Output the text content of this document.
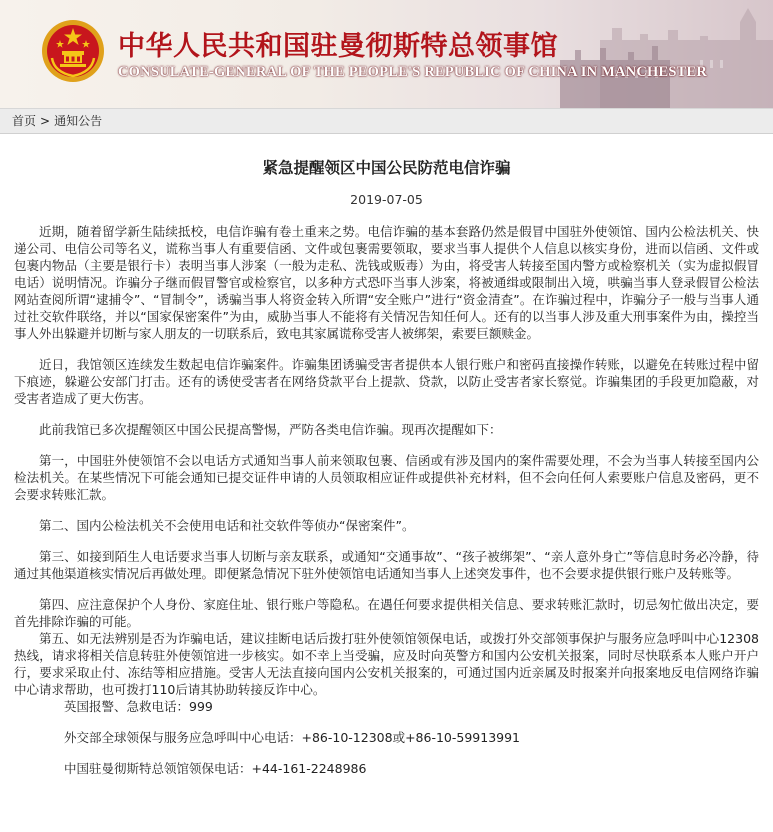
中华人民共和国驻曼彻斯特总领事馆

CONSULATE-GENERAL OF THE PEOPLE'S REPUBLIC OF CHINA IN MANCHESTER

首页 > 通知公告
紧急提醒领区中国公民防范电信诈骗
2019-07-05

近期，随着留学新生陆续抵校，电信诈骗有卷土重来之势。电信诈骗的基本套路仍然是假冒中国驻外使领馆、国内公检法机关、快递公司、电信公司等名义，谎称当事人有重要信函、文件或包裹需要领取，要求当事人提供个人信息以核实身份，进而以信函、文件或包裹内物品（主要是银行卡）表明当事人涉案（一般为走私、洗钱或贩毒）为由，将受害人转接至国内警方或检察机关（实为虚拟假冒电话）说明情况。诈骗分子继而假冒警官或检察官，以多种方式恐吓当事人涉案，将被通缉或限制出入境，哄骗当事人登录假冒公检法网站查阅所谓“逮捕令”、“冒制令”，诱骗当事人将资金转入所谓“安全账户”进行“资金清查”。在诈骗过程中，诈骗分子一般与当事人通过社交软件联络，并以“国家保密案件”为由，威胁当事人不能将有关情况告知任何人。还有的以当事人涉及重大刑事案件为由，操控当事人外出躲避并切断与家人朋友的一切联系后，致电其家属谎称受害人被绑架，索要巨额赎金。

近日，我馆领区连续发生数起电信诈骗案件。诈骗集团诱骗受害者提供本人银行账户和密码直接操作转账，以避免在转账过程中留下痕迹，躲避公安部门打击。还有的诱使受害者在网络贷款平台上提款、贷款，以防止受害者家长察觉。诈骗集团的手段更加隐蔽，对受害者造成了更大伤害。

此前我馆已多次提醒领区中国公民提高警惕，严防各类电信诈骗。现再次提醒如下：

第一，中国驻外使领馆不会以电话方式通知当事人前来领取包裹、信函或有涉及国内的案件需要处理，不会为当事人转接至国内公检法机关。在某些情况下可能会通知已提交证件申请的人员领取相应证件或提供补充材料，但不会向任何人索要账户信息及密码，更不会要求转账汇款。

第二、国内公检法机关不会使用电话和社交软件等侦办“保密案件”。

第三、如接到陌生人电话要求当事人切断与亲友联系，或通知“交通事故”、“孩子被绑架”、“亲人意外身亡”等信息时务必冷静，待通过其他渠道核实情况后再做处理。即便紧急情况下驻外使领馆电话通知当事人上述突发事件，也不会要求提供银行账户及转账等。

第四、应注意保护个人身份、家庭住址、银行账户等隐私。在遇任何要求提供相关信息、要求转账汇款时，切忌匆忙做出决定，要首先排除诈骗的可能。

第五、如无法辨别是否为诈骗电话，建议挂断电话后拨打驻外使领馆领保电话，或拨打外交部领事保护与服务应急呼叫中心12308热线，请求将相关信息转驻外使领馆进一步核实。如不幸上当受骗，应及时向英警方和国内公安机关报案，同时尽快联系本人账户开户行，要求采取止付、冻结等相应措施。受害人无法直接向国内公安机关报案的，可通过国内近亲属及时报案并向报案地反电信网络诈骗中心请求帮助，也可拨打110后请其协助转接反诈中心。

英国报警、急救电话：999

外交部全球领保与服务应急呼叫中心电话：+86-10-12308或+86-10-59913991

中国驻曼彻斯特总领馆领保电话：+44-161-2248986
